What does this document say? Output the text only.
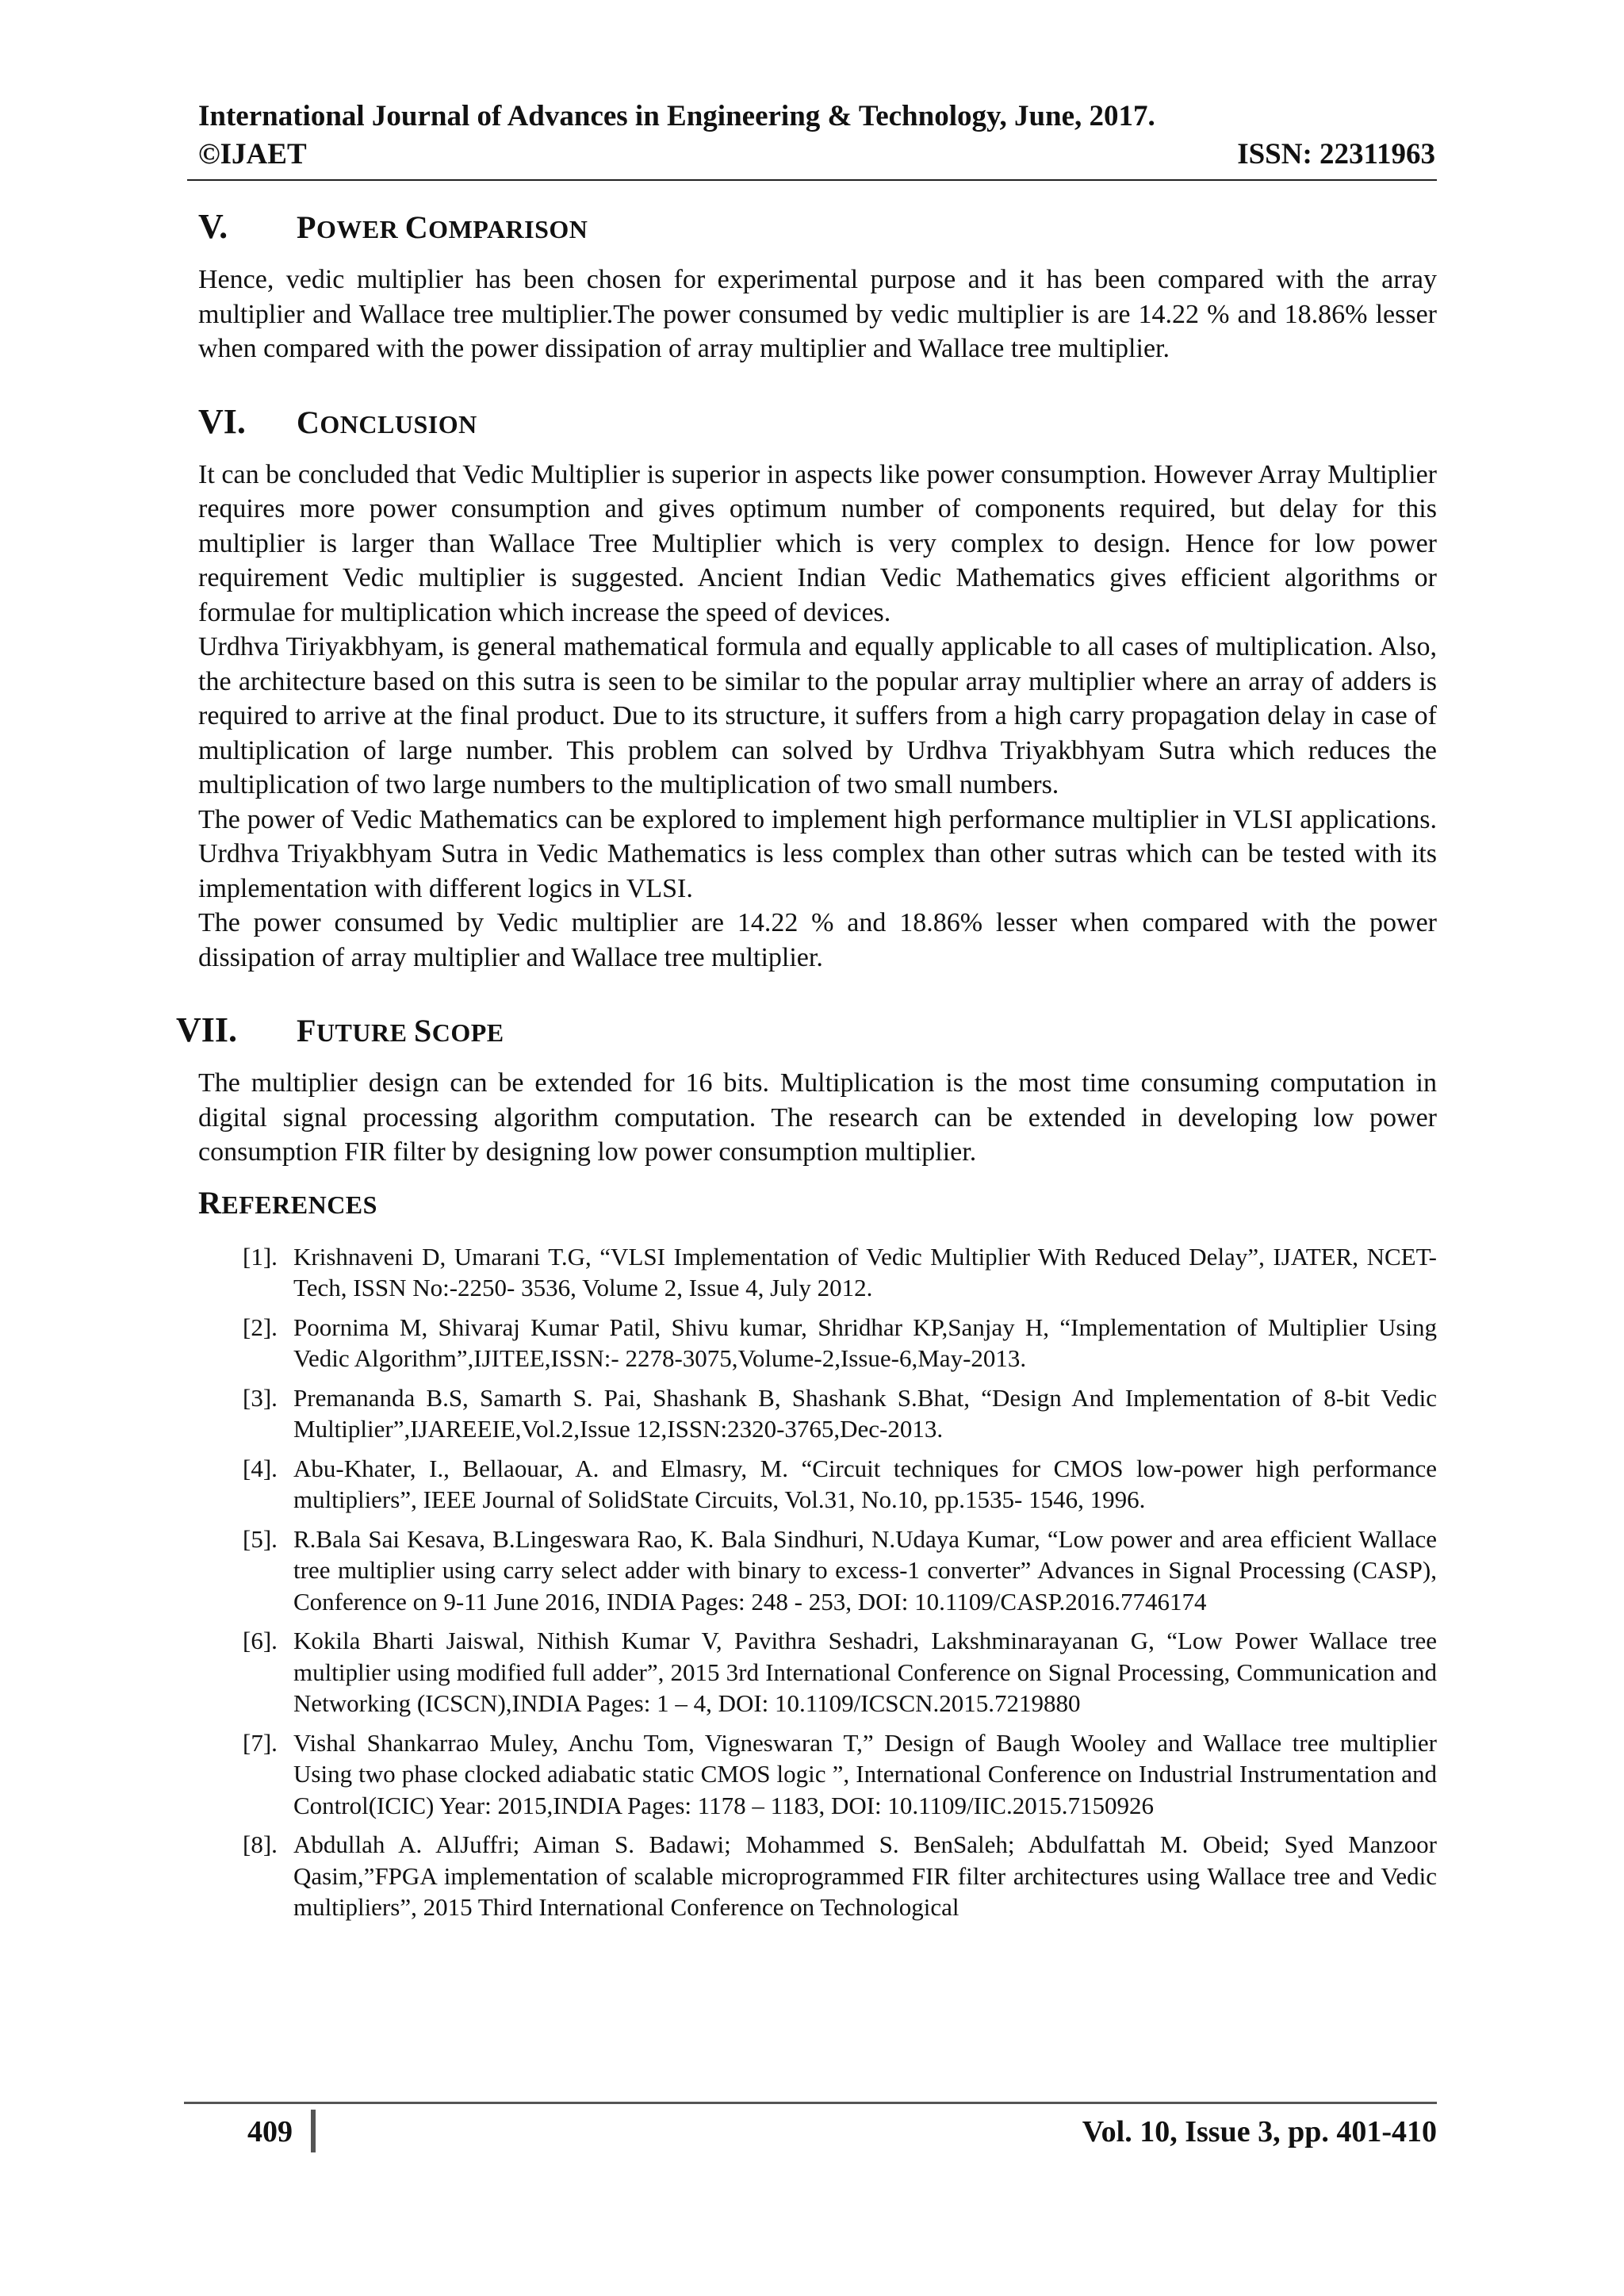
International Journal of Advances in Engineering & Technology, June, 2017.
©IJAET	ISSN: 22311963
V.	POWER COMPARISON

Hence, vedic multiplier has been chosen for experimental purpose and it has been compared with the array multiplier and Wallace tree multiplier.The power consumed by vedic multiplier is are 14.22 % and 18.86% lesser when compared with the power dissipation of array multiplier and Wallace tree multiplier.

VI.	CONCLUSION

It can be concluded that Vedic Multiplier is superior in aspects like power consumption. However Array Multiplier requires more power consumption and gives optimum number of components required, but delay for this multiplier is larger than Wallace Tree Multiplier which is very complex to design. Hence for low power requirement Vedic multiplier is suggested. Ancient Indian Vedic Mathematics gives efficient algorithms or formulae for multiplication which increase the speed of devices.

Urdhva Tiriyakbhyam, is general mathematical formula and equally applicable to all cases of multiplication. Also, the architecture based on this sutra is seen to be similar to the popular array multiplier where an array of adders is required to arrive at the final product. Due to its structure, it suffers from a high carry propagation delay in case of multiplication of large number. This problem can solved by Urdhva Triyakbhyam Sutra which reduces the multiplication of two large numbers to the multiplication of two small numbers.

The power of Vedic Mathematics can be explored to implement high performance multiplier in VLSI applications. Urdhva Triyakbhyam Sutra in Vedic Mathematics is less complex than other sutras which can be tested with its implementation with different logics in VLSI.

The power consumed by Vedic multiplier are 14.22 % and 18.86% lesser when compared with the power dissipation of array multiplier and Wallace tree multiplier.

VII.	FUTURE SCOPE

The multiplier design can be extended for 16 bits. Multiplication is the most time consuming computation in digital signal processing algorithm computation. The research can be extended in developing low power consumption FIR filter by designing low power consumption multiplier.

REFERENCES
[1]. Krishnaveni D, Umarani T.G, “VLSI Implementation of Vedic Multiplier With Reduced Delay”, IJATER, NCET-Tech, ISSN No:-2250- 3536, Volume 2, Issue 4, July 2012.
[2]. Poornima M, Shivaraj Kumar Patil, Shivu kumar, Shridhar KP,Sanjay H, “Implementation of Multiplier Using Vedic Algorithm”,IJITEE,ISSN:- 2278-3075,Volume-2,Issue-6,May-2013.
[3]. Premananda B.S, Samarth S. Pai, Shashank B, Shashank S.Bhat, “Design And Implementation of 8-bit Vedic Multiplier”,IJAREEIE,Vol.2,Issue 12,ISSN:2320-3765,Dec-2013.
[4]. Abu-Khater, I., Bellaouar, A. and Elmasry, M. “Circuit techniques for CMOS low-power high performance multipliers”, IEEE Journal of SolidState Circuits, Vol.31, No.10, pp.1535- 1546, 1996.
[5]. R.Bala Sai Kesava, B.Lingeswara Rao, K. Bala Sindhuri, N.Udaya Kumar, “Low power and area efficient Wallace tree multiplier using carry select adder with binary to excess-1 converter” Advances in Signal Processing (CASP), Conference on 9-11 June 2016, INDIA Pages: 248 - 253, DOI: 10.1109/CASP.2016.7746174
[6]. Kokila Bharti Jaiswal, Nithish Kumar V, Pavithra Seshadri, Lakshminarayanan G, “Low Power Wallace tree multiplier using modified full adder”, 2015 3rd International Conference on Signal Processing, Communication and Networking (ICSCN),INDIA Pages: 1 – 4, DOI: 10.1109/ICSCN.2015.7219880
[7]. Vishal Shankarrao Muley, Anchu Tom, Vigneswaran T,” Design of Baugh Wooley and Wallace tree multiplier Using two phase clocked adiabatic static CMOS logic ”, International Conference on Industrial Instrumentation and Control(ICIC) Year: 2015,INDIA Pages: 1178 – 1183, DOI: 10.1109/IIC.2015.7150926
[8]. Abdullah A. AlJuffri; Aiman S. Badawi; Mohammed S. BenSaleh; Abdulfattah M. Obeid; Syed Manzoor Qasim,”FPGA implementation of scalable microprogrammed FIR filter architectures using Wallace tree and Vedic multipliers”, 2015 Third International Conference on Technological
409	Vol. 10, Issue 3, pp. 401-410
